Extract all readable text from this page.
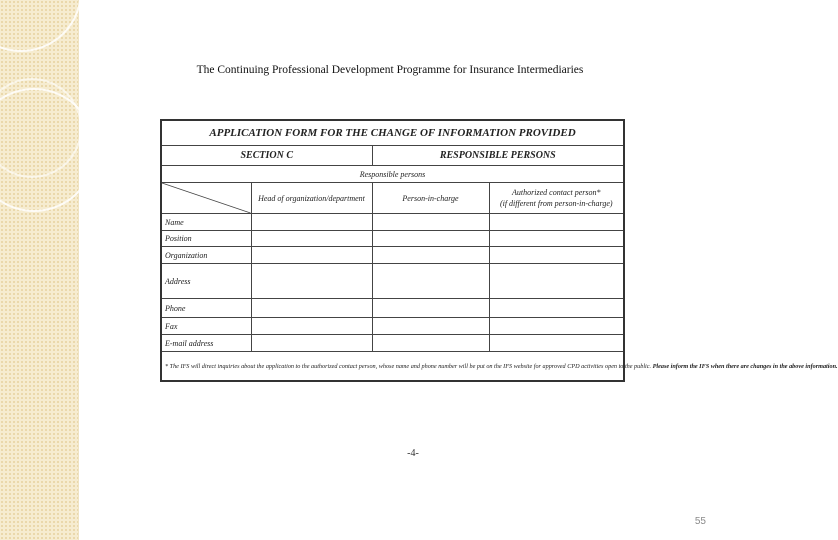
The Continuing Professional Development Programme for Insurance Intermediaries
APPLICATION FORM FOR THE CHANGE OF INFORMATION PROVIDED			
SECTION C		RESPONSIBLE PERSONS	
Responsible persons			

	Head of organization/department	Person-in-charge	Authorized contact person*
(if different from person-in-charge)

Name			
Position			
Organization			
Address			
Phone			
Fax			
E-mail address			
* The IFS will direct inquiries about the application to the authorized contact person, whose name and phone number will be put on the IFS website for approved CPD activities open to the public. Please inform the IFS when there are changes in the above information.			
-4-
55
